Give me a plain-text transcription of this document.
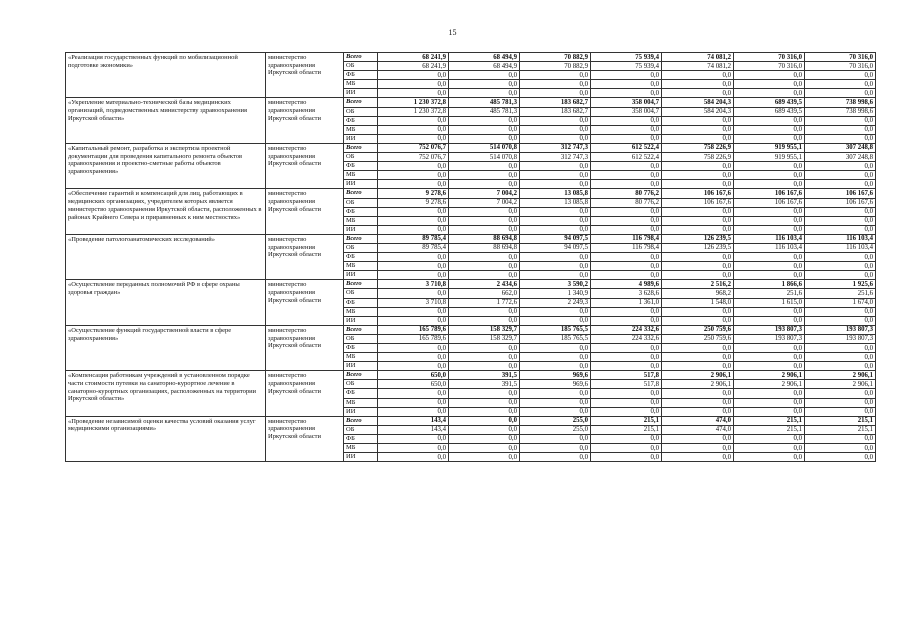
15
«Реализация государственных функций по мобилизационной подготовке экономики»	министерство здравоохранения Иркутской области	Всего	68 241,9	68 494,9	70 882,9	75 939,4	74 081,2	70 316,0	70 316,0
		ОБ	68 241,9	68 494,9	70 882,9	75 939,4	74 081,2	70 316,0	70 316,0
		ФБ	0,0	0,0	0,0	0,0	0,0	0,0	0,0
		МБ	0,0	0,0	0,0	0,0	0,0	0,0	0,0
		ИИ	0,0	0,0	0,0	0,0	0,0	0,0	0,0
«Укрепление материально-технической базы медицинских организаций, подведомственных министерству здравоохранения Иркутской области»	министерство здравоохранения Иркутской области	Всего	1 230 372,8	485 781,3	183 682,7	358 004,7	584 204,3	689 439,5	738 998,6
		ОБ	1 230 372,8	485 781,3	183 682,7	358 004,7	584 204,3	689 439,5	738 998,6
		ФБ	0,0	0,0	0,0	0,0	0,0	0,0	0,0
		МБ	0,0	0,0	0,0	0,0	0,0	0,0	0,0
		ИИ	0,0	0,0	0,0	0,0	0,0	0,0	0,0
«Капитальный ремонт, разработка и экспертиза проектной документации для проведения капитального ремонта объектов здравоохранения и проектно-сметные работы объектов здравоохранения»	министерство здравоохранения Иркутской области	Всего	752 076,7	514 070,8	312 747,3	612 522,4	758 226,9	919 955,1	307 248,8
		ОБ	752 076,7	514 070,8	312 747,3	612 522,4	758 226,9	919 955,1	307 248,8
		ФБ	0,0	0,0	0,0	0,0	0,0	0,0	0,0
		МБ	0,0	0,0	0,0	0,0	0,0	0,0	0,0
		ИИ	0,0	0,0	0,0	0,0	0,0	0,0	0,0
«Обеспечение гарантий и компенсаций для лиц, работающих в медицинских организациях, учредителем которых является министерство здравоохранения Иркутской области, расположенных в районах Крайнего Севера и приравненных к ним местностях»	министерство здравоохранения Иркутской области	Всего	9 278,6	7 004,2	13 085,8	80 776,2	106 167,6	106 167,6	106 167,6
		ОБ	9 278,6	7 004,2	13 085,8	80 776,2	106 167,6	106 167,6	106 167,6
		ФБ	0,0	0,0	0,0	0,0	0,0	0,0	0,0
		МБ	0,0	0,0	0,0	0,0	0,0	0,0	0,0
		ИИ	0,0	0,0	0,0	0,0	0,0	0,0	0,0
«Проведение патологоанатомических исследований»	министерство здравоохранения Иркутской области	Всего	89 785,4	88 694,8	94 097,5	116 798,4	126 239,5	116 103,4	116 103,4
		ОБ	89 785,4	88 694,8	94 097,5	116 798,4	126 239,5	116 103,4	116 103,4
		ФБ	0,0	0,0	0,0	0,0	0,0	0,0	0,0
		МБ	0,0	0,0	0,0	0,0	0,0	0,0	0,0
		ИИ	0,0	0,0	0,0	0,0	0,0	0,0	0,0
«Осуществление переданных полномочий РФ в сфере охраны здоровья граждан»	министерство здравоохранения Иркутской области	Всего	3 710,8	2 434,6	3 590,2	4 989,6	2 516,2	1 866,6	1 925,6
		ОБ	0,0	662,0	1 340,9	3 628,6	968,2	251,6	251,6
		ФБ	3 710,8	1 772,6	2 249,3	1 361,0	1 548,0	1 615,0	1 674,0
		МБ	0,0	0,0	0,0	0,0	0,0	0,0	0,0
		ИИ	0,0	0,0	0,0	0,0	0,0	0,0	0,0
«Осуществление функций государственной власти в сфере здравоохранения»	министерство здравоохранения Иркутской области	Всего	165 789,6	158 329,7	185 765,5	224 332,6	250 759,6	193 807,3	193 807,3
		ОБ	165 789,6	158 329,7	185 765,5	224 332,6	250 759,6	193 807,3	193 807,3
		ФБ	0,0	0,0	0,0	0,0	0,0	0,0	0,0
		МБ	0,0	0,0	0,0	0,0	0,0	0,0	0,0
		ИИ	0,0	0,0	0,0	0,0	0,0	0,0	0,0
«Компенсация работникам учреждений в установленном порядке части стоимости путевки на санаторно-курортное лечение в санаторно-курортных организациях, расположенных на территории Иркутской области»	министерство здравоохранения Иркутской области	Всего	650,0	391,5	969,6	517,8	2 906,1	2 906,1	2 906,1
		ОБ	650,0	391,5	969,6	517,8	2 906,1	2 906,1	2 906,1
		ФБ	0,0	0,0	0,0	0,0	0,0	0,0	0,0
		МБ	0,0	0,0	0,0	0,0	0,0	0,0	0,0
		ИИ	0,0	0,0	0,0	0,0	0,0	0,0	0,0
«Проведение независимой оценки качества условий оказания услуг медицинскими организациями»	министерство здравоохранения Иркутской области	Всего	143,4	0,0	255,0	215,1	474,0	215,1	215,1
		ОБ	143,4	0,0	255,0	215,1	474,0	215,1	215,1
		ФБ	0,0	0,0	0,0	0,0	0,0	0,0	0,0
		МБ	0,0	0,0	0,0	0,0	0,0	0,0	0,0
		ИИ	0,0	0,0	0,0	0,0	0,0	0,0	0,0
